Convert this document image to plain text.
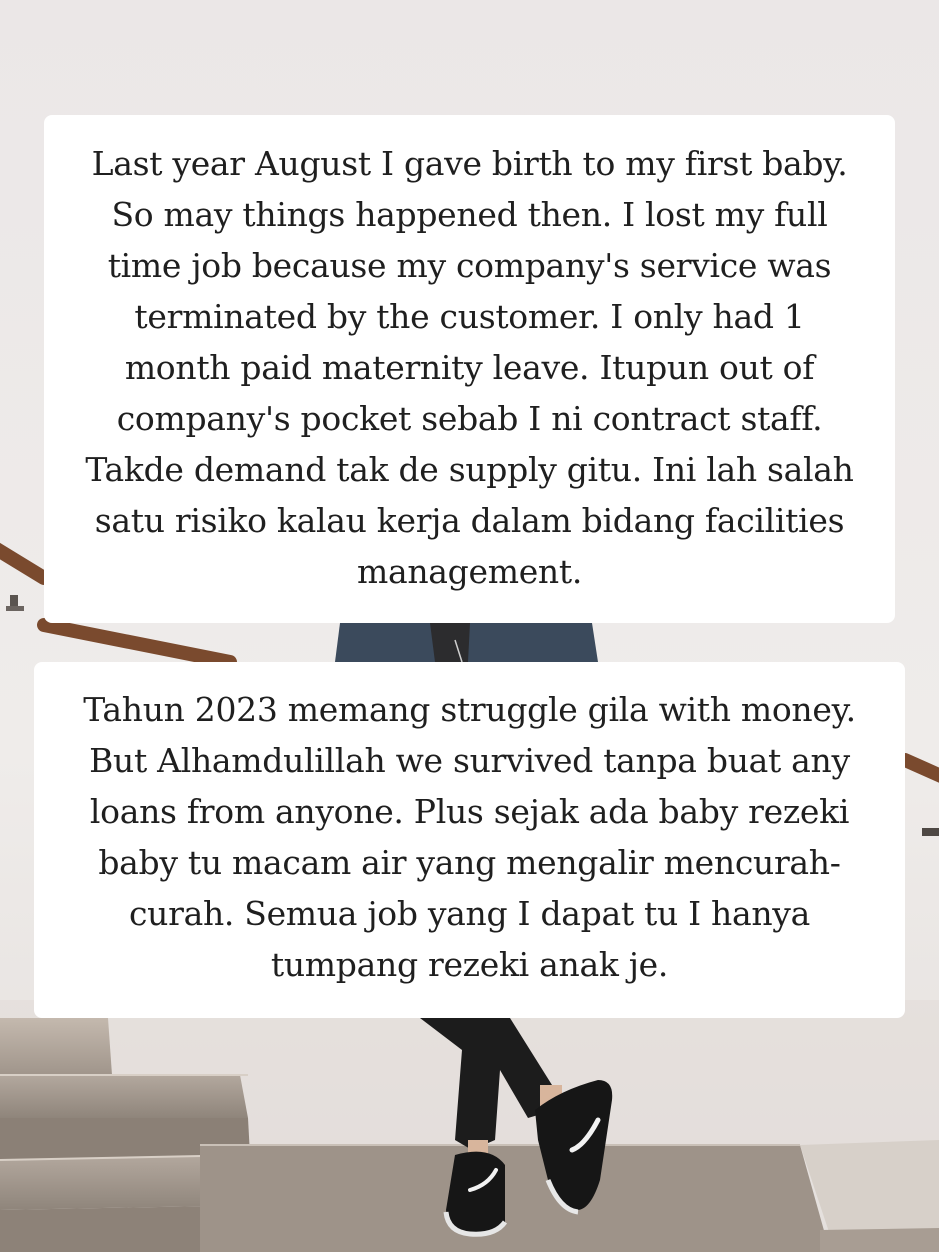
Last year August I gave birth to my first baby.
So may things happened then. I lost my full
time job because my company's service was
terminated by the customer. I only had 1
month paid maternity leave. Itupun out of
company's pocket sebab I ni contract staff.
Takde demand tak de supply gitu. Ini lah salah
satu risiko kalau kerja dalam bidang facilities
management.

Tahun 2023 memang struggle gila with money.
But Alhamdulillah we survived tanpa buat any
loans from anyone. Plus sejak ada baby rezeki
baby tu macam air yang mengalir mencurah-
curah. Semua job yang I dapat tu I hanya
tumpang rezeki anak je.
